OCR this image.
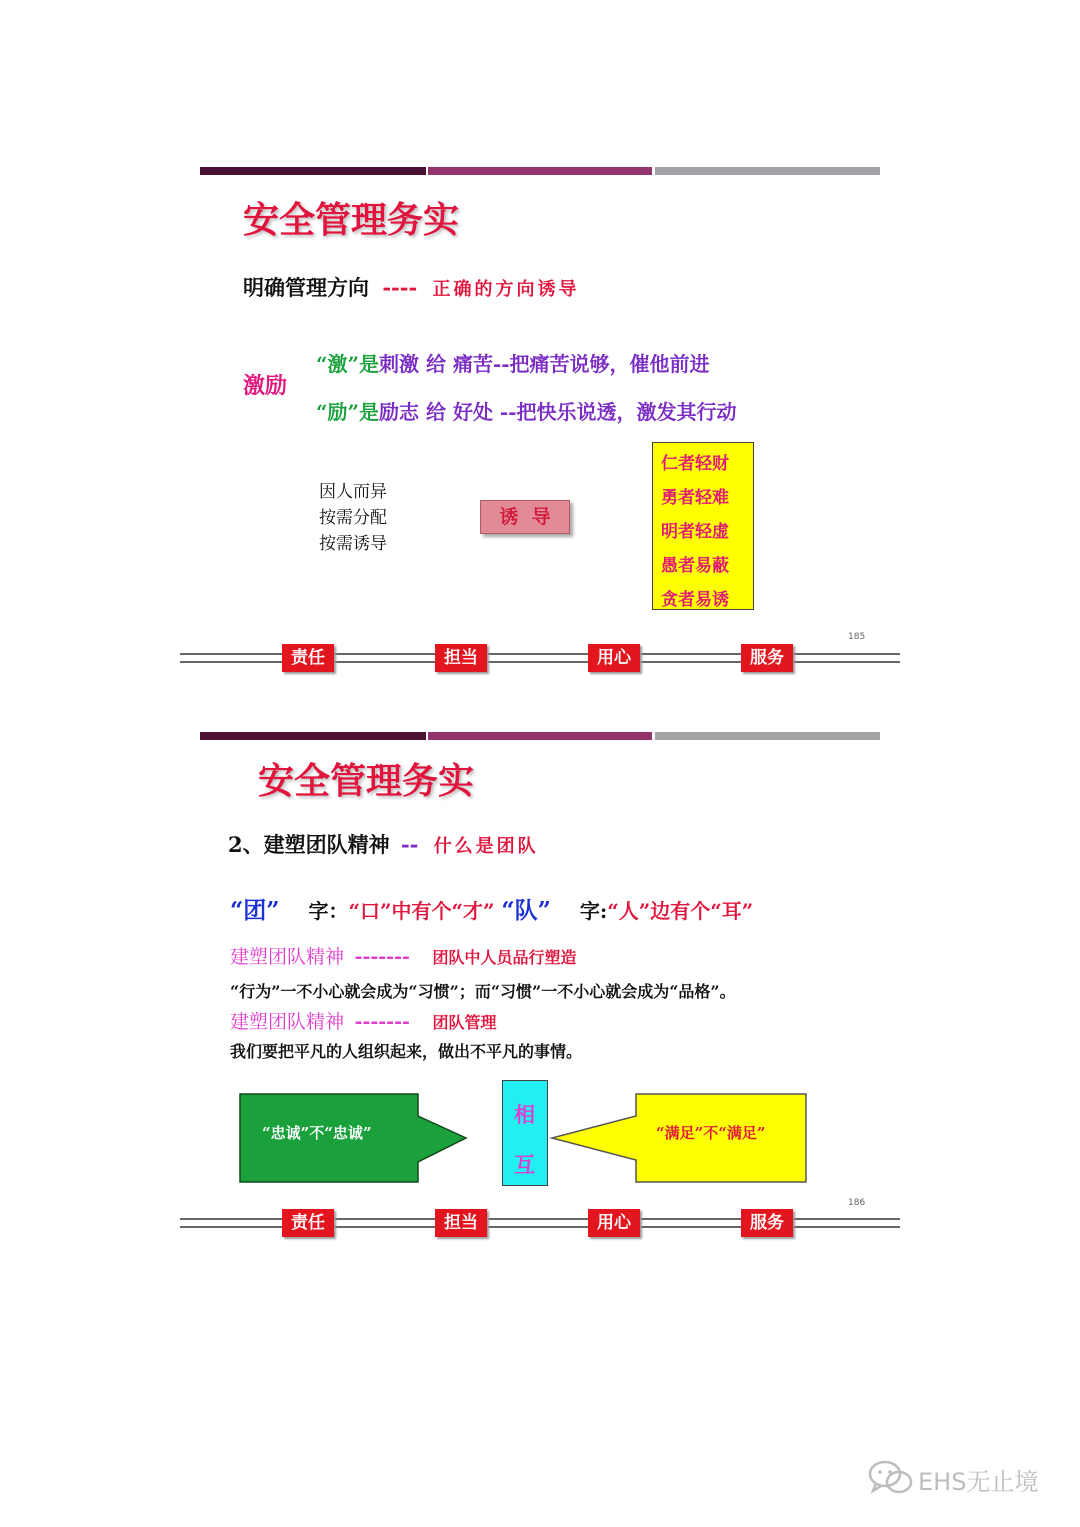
安全管理务实
明确管理方向 ---- 正确的方向诱导
激励
“激”是刺激 给 痛苦--把痛苦说够，催他前进
“励”是励志 给 好处 --把快乐说透，激发其行动
因人而异
按需分配
按需诱导
诱  导
仁者轻财
勇者轻难
明者轻虚
愚者易蔽
贪者易诱
185
责任	担当	用心	服务
安全管理务实
2、建塑团队精神 -- 什么是团队
“团” 字：“口”中有个“才” “队” 字:“人”边有个“耳”
建塑团队精神 ------- 团队中人员品行塑造
“行为”一不小心就会成为“习惯”；而“习惯”一不小心就会成为“品格”。
建塑团队精神 ------- 团队管理
我们要把平凡的人组织起来，做出不平凡的事情。
“忠诚”不“忠诚”	“满足”不“满足”
相
互
186
责任	担当	用心	服务
EHS无止境
